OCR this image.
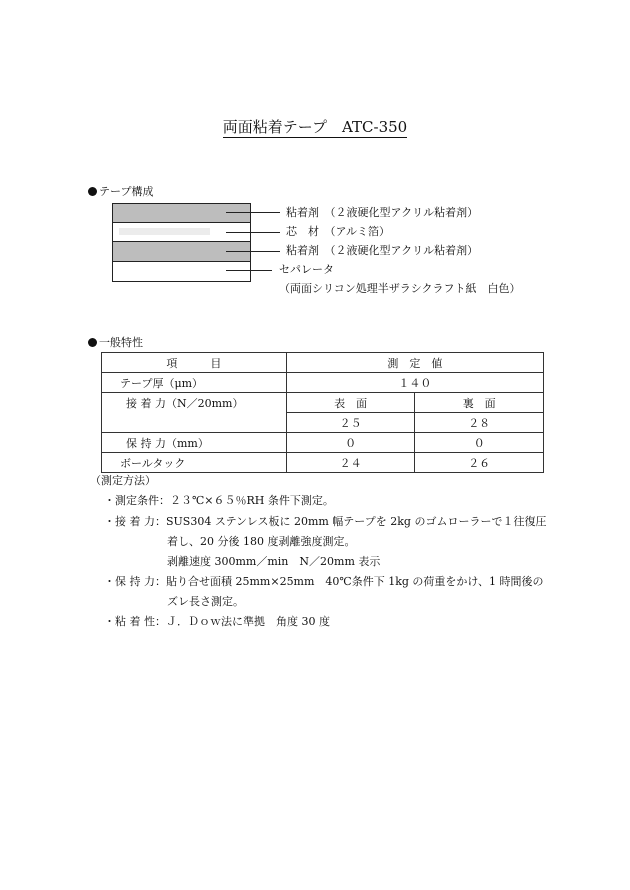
両面粘着テープ　ATC-350
テープ構成
粘着剤　（２液硬化型アクリル粘着剤）
芯　材　（アルミ箔）
粘着剤　（２液硬化型アクリル粘着剤）
セパレータ
（両面シリコン処理半ザラシクラフト紙　白色）
一般特性
項　　　目	測　定　値	
テープ厚（μm）	１４０	
接 着 力（N／20mm）	表　面	裏　面
	２５	２８
保 持 力（mm）	０	０
ボールタック	２４	２６
（測定方法）
・測定条件：２３℃×６５％RH 条件下測定。
・接 着 力：SUS304 ステンレス板に 20mm 幅テープを 2kg のゴムローラーで１往復圧
着し、20 分後 180 度剥離強度測定。
剥離速度 300mm／min　N／20mm 表示
・保 持 力：貼り合せ面積 25mm×25mm　40℃条件下 1kg の荷重をかけ、1 時間後の
ズレ長さ測定。
・粘 着 性：Ｊ．Ｄｏｗ法に準拠　角度 30 度
